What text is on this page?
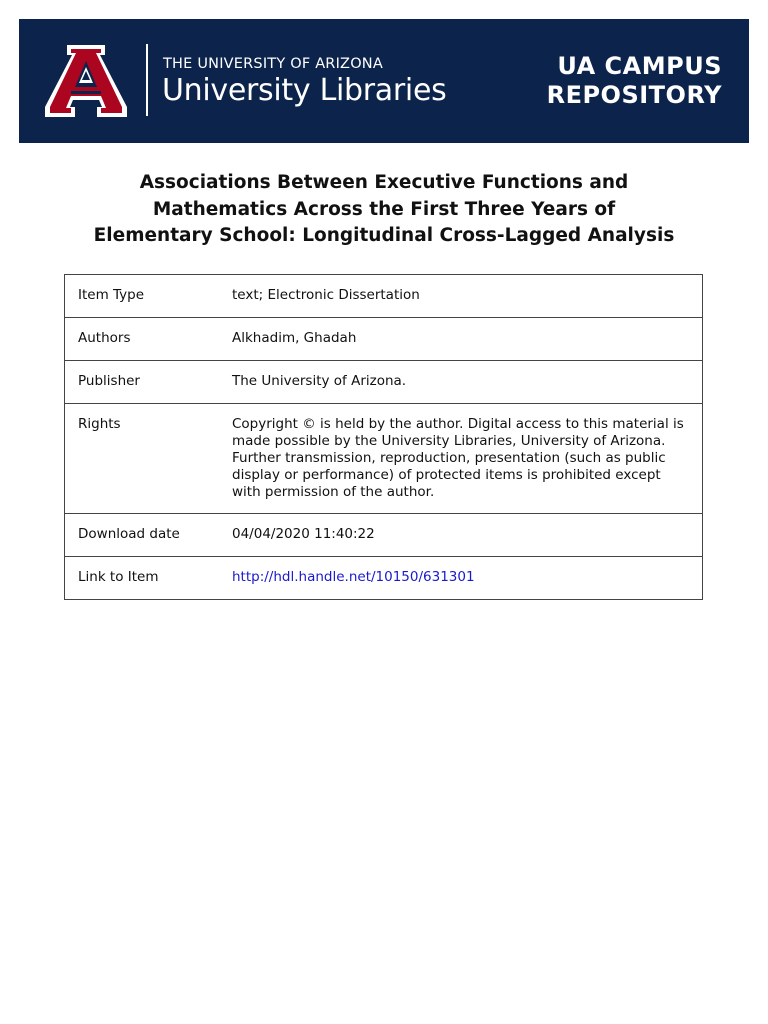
THE UNIVERSITY OF ARIZONA
University Libraries
UA CAMPUS
REPOSITORY
Associations Between Executive Functions and
Mathematics Across the First Three Years of
Elementary School: Longitudinal Cross-Lagged Analysis
Item Type	text; Electronic Dissertation
Authors	Alkhadim, Ghadah
Publisher	The University of Arizona.
Rights	Copyright © is held by the author. Digital access to this material is made possible by the University Libraries, University of Arizona. Further transmission, reproduction, presentation (such as public display or performance) of protected items is prohibited except with permission of the author.
Download date	04/04/2020 11:40:22
Link to Item	http://hdl.handle.net/10150/631301
